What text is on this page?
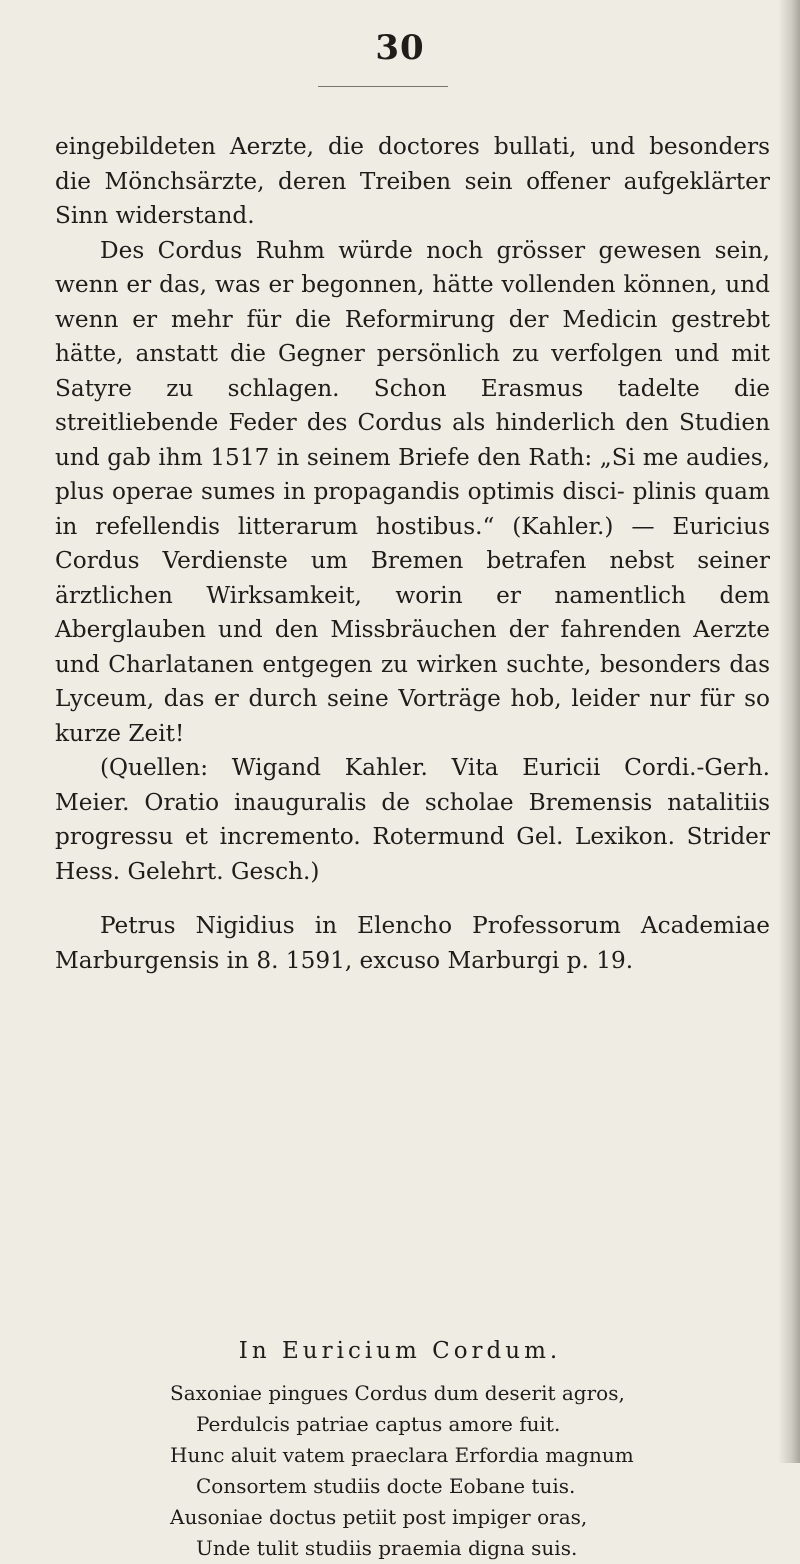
30

eingebildeten Aerzte, die doctores bullati, und besonders die Mönchsärzte, deren Treiben sein offener aufgeklärter Sinn widerstand.

Des Cordus Ruhm würde noch grösser gewesen sein, wenn er das, was er begonnen, hätte vollenden können, und wenn er mehr für die Reformirung der Medicin gestrebt hätte, anstatt die Gegner persönlich zu verfolgen und mit Satyre zu schlagen. Schon Erasmus tadelte die streitliebende Feder des Cordus als hinderlich den Studien und gab ihm 1517 in seinem Briefe den Rath: „Si me audies, plus operae sumes in propagandis optimis disci- plinis quam in refellendis litterarum hostibus.“ (Kahler.) — Euricius Cordus Verdienste um Bremen betrafen nebst seiner ärztlichen Wirksamkeit, worin er namentlich dem Aberglauben und den Missbräuchen der fahrenden Aerzte und Charlatanen entgegen zu wirken suchte, besonders das Lyceum, das er durch seine Vorträge hob, leider nur für so kurze Zeit!

(Quellen: Wigand Kahler. Vita Euricii Cordi.-Gerh. Meier. Oratio inauguralis de scholae Bremensis natalitiis progressu et incremento. Rotermund Gel. Lexikon. Strider Hess. Gelehrt. Gesch.)

Petrus Nigidius in Elencho Professorum Academiae Marburgensis in 8. 1591, excuso Marburgi p. 19.

In Euricium Cordum.
Saxoniae pingues Cordus dum deserit agros,
Perdulcis patriae captus amore fuit.
Hunc aluit vatem praeclara Erfordia magnum
Consortem studiis docte Eobane tuis.
Ausoniae doctus petiit post impiger oras,
Unde tulit studiis praemia digna suis.
